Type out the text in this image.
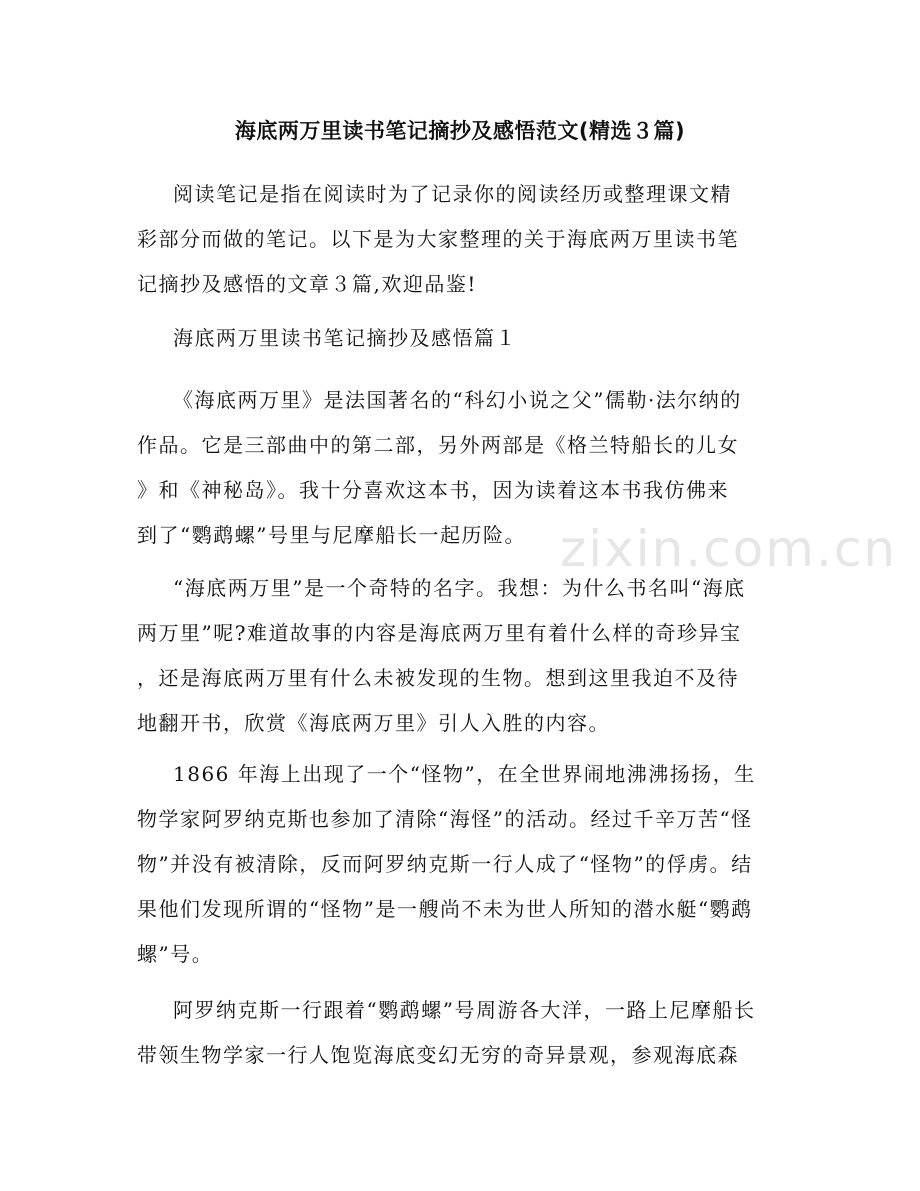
zixin.com.cn
海底两万里读书笔记摘抄及感悟范文(精选３篇)
阅读笔记是指在阅读时为了记录你的阅读经历或整理课文精
彩部分而做的笔记。以下是为大家整理的关于海底两万里读书笔
记摘抄及感悟的文章３篇,欢迎品鉴!
海底两万里读书笔记摘抄及感悟篇１
《海底两万里》是法国著名的“科幻小说之父”儒勒·法尔纳的
作品。它是三部曲中的第二部，另外两部是《格兰特船长的儿女
》和《神秘岛》。我十分喜欢这本书，因为读着这本书我仿佛来
到了“鹦鹉螺”号里与尼摩船长一起历险。
“海底两万里”是一个奇特的名字。我想：为什么书名叫“海底
两万里”呢?难道故事的内容是海底两万里有着什么样的奇珍异宝
，还是海底两万里有什么未被发现的生物。想到这里我迫不及待
地翻开书，欣赏《海底两万里》引人入胜的内容。
1866 年海上出现了一个“怪物”，在全世界闹地沸沸扬扬，生
物学家阿罗纳克斯也参加了清除“海怪”的活动。经过千辛万苦“怪
物”并没有被清除，反而阿罗纳克斯一行人成了“怪物”的俘虏。结
果他们发现所谓的“怪物”是一艘尚不未为世人所知的潜水艇“鹦鹉
螺”号。
阿罗纳克斯一行跟着“鹦鹉螺”号周游各大洋，一路上尼摩船长
带领生物学家一行人饱览海底变幻无穷的奇异景观，参观海底森
